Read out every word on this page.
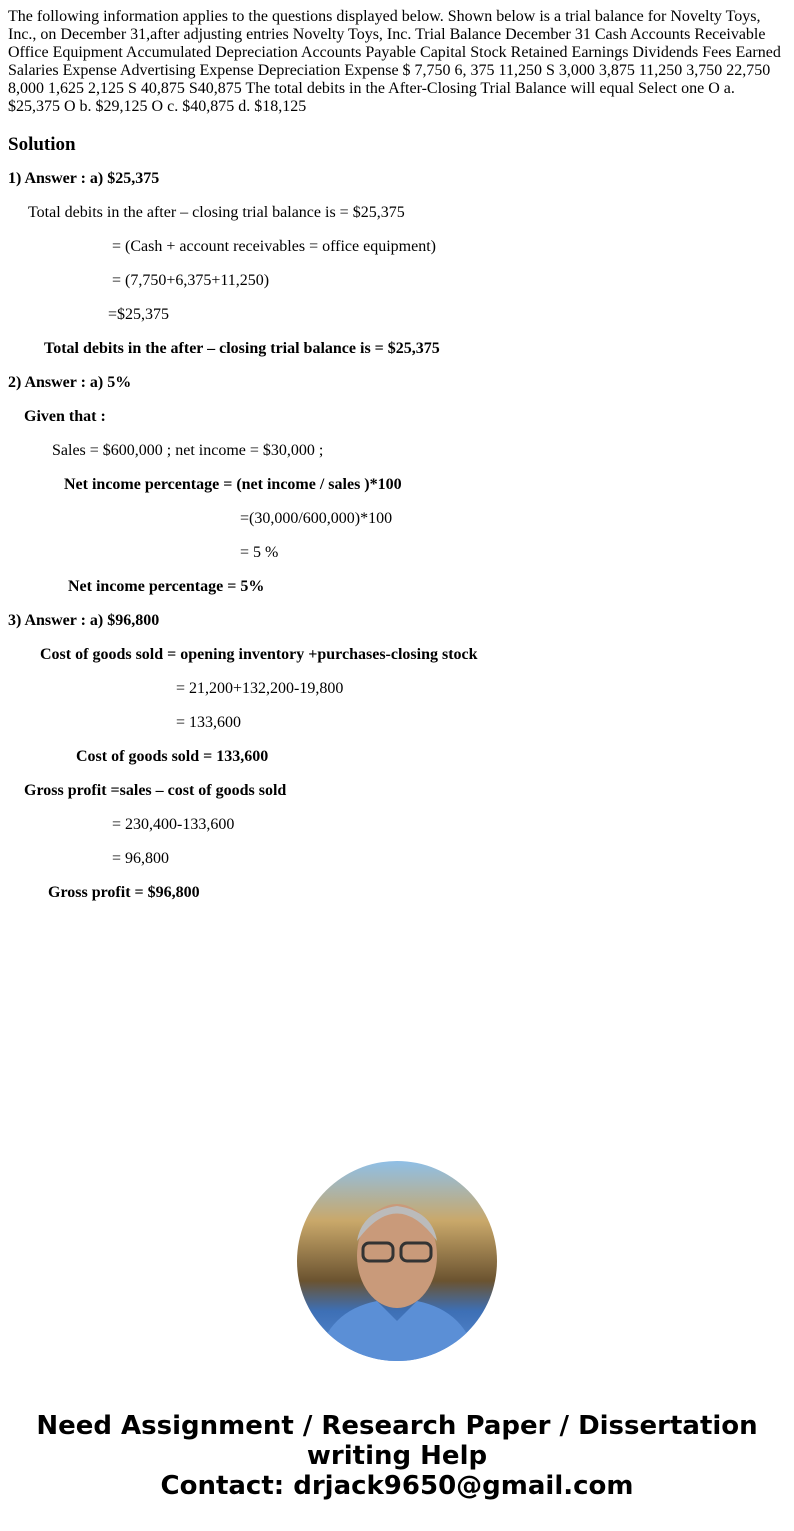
The following information applies to the questions displayed below. Shown below is a trial balance for Novelty Toys, Inc., on December 31,after adjusting entries Novelty Toys, Inc. Trial Balance December 31 Cash Accounts Receivable Office Equipment Accumulated Depreciation Accounts Payable Capital Stock Retained Earnings Dividends Fees Earned Salaries Expense Advertising Expense Depreciation Expense $ 7,750 6, 375 11,250 S 3,000 3,875 11,250 3,750 22,750 8,000 1,625 2,125 S 40,875 S40,875 The total debits in the After-Closing Trial Balance will equal Select one O a. $25,375 O b. $29,125 O c. $40,875 d. $18,125
Solution

1) Answer : a) $25,375

Total debits in the after – closing trial balance is = $25,375

= (Cash + account receivables = office equipment)

= (7,750+6,375+11,250)

=$25,375

Total debits in the after – closing trial balance is = $25,375

2) Answer : a) 5%

Given that :

Sales = $600,000 ; net income = $30,000 ;

Net income percentage = (net income / sales )*100

=(30,000/600,000)*100

= 5 %

Net income percentage = 5%

3) Answer : a) $96,800

Cost of goods sold = opening inventory +purchases-closing stock

= 21,200+132,200-19,800

= 133,600

Cost of goods sold = 133,600

Gross profit =sales – cost of goods sold

= 230,400-133,600

= 96,800

Gross profit = $96,800

Need Assignment / Research Paper / Dissertation
writing Help
Contact: drjack9650@gmail.com
